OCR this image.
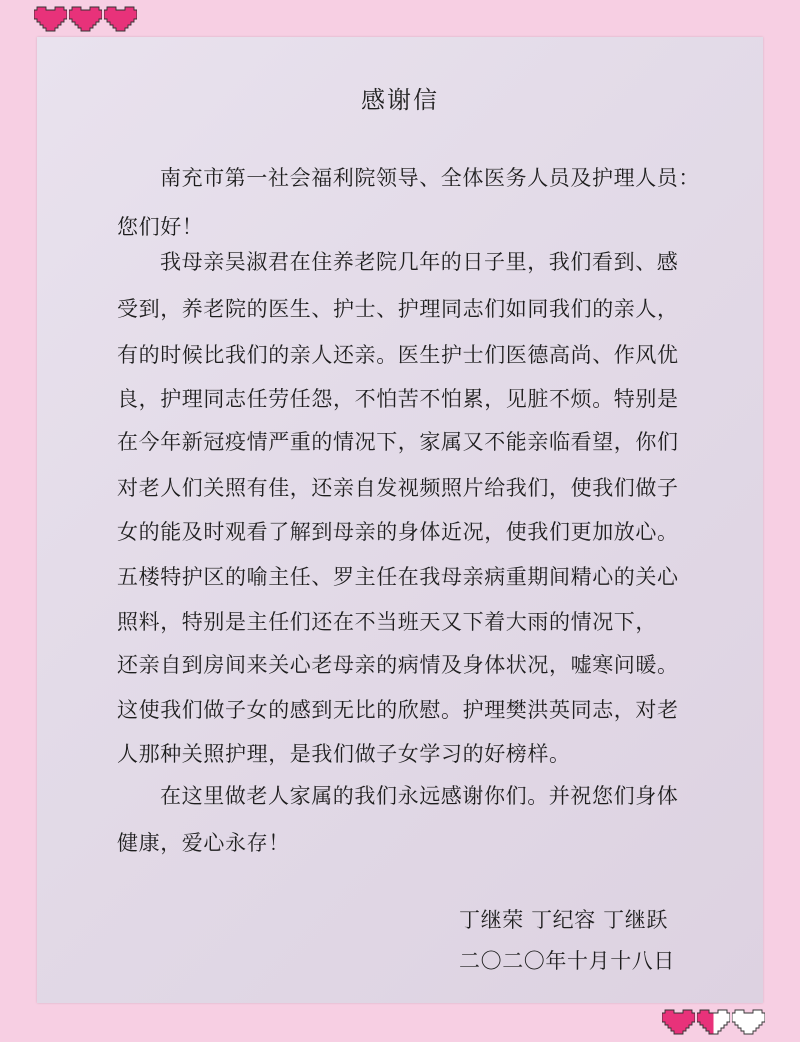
感谢信
南充市第一社会福利院领导、全体医务人员及护理人员：
您们好！
我母亲吴淑君在住养老院几年的日子里，我们看到、感
受到，养老院的医生、护士、护理同志们如同我们的亲人，
有的时候比我们的亲人还亲。医生护士们医德高尚、作风优
良，护理同志任劳任怨，不怕苦不怕累，见脏不烦。特别是
在今年新冠疫情严重的情况下，家属又不能亲临看望，你们
对老人们关照有佳，还亲自发视频照片给我们，使我们做子
女的能及时观看了解到母亲的身体近况，使我们更加放心。
五楼特护区的喻主任、罗主任在我母亲病重期间精心的关心
照料，特别是主任们还在不当班天又下着大雨的情况下，
还亲自到房间来关心老母亲的病情及身体状况，嘘寒问暖。
这使我们做子女的感到无比的欣慰。护理樊洪英同志，对老
人那种关照护理，是我们做子女学习的好榜样。
在这里做老人家属的我们永远感谢你们。并祝您们身体
健康，爱心永存！
丁继荣 丁纪容 丁继跃
二〇二〇年十月十八日
